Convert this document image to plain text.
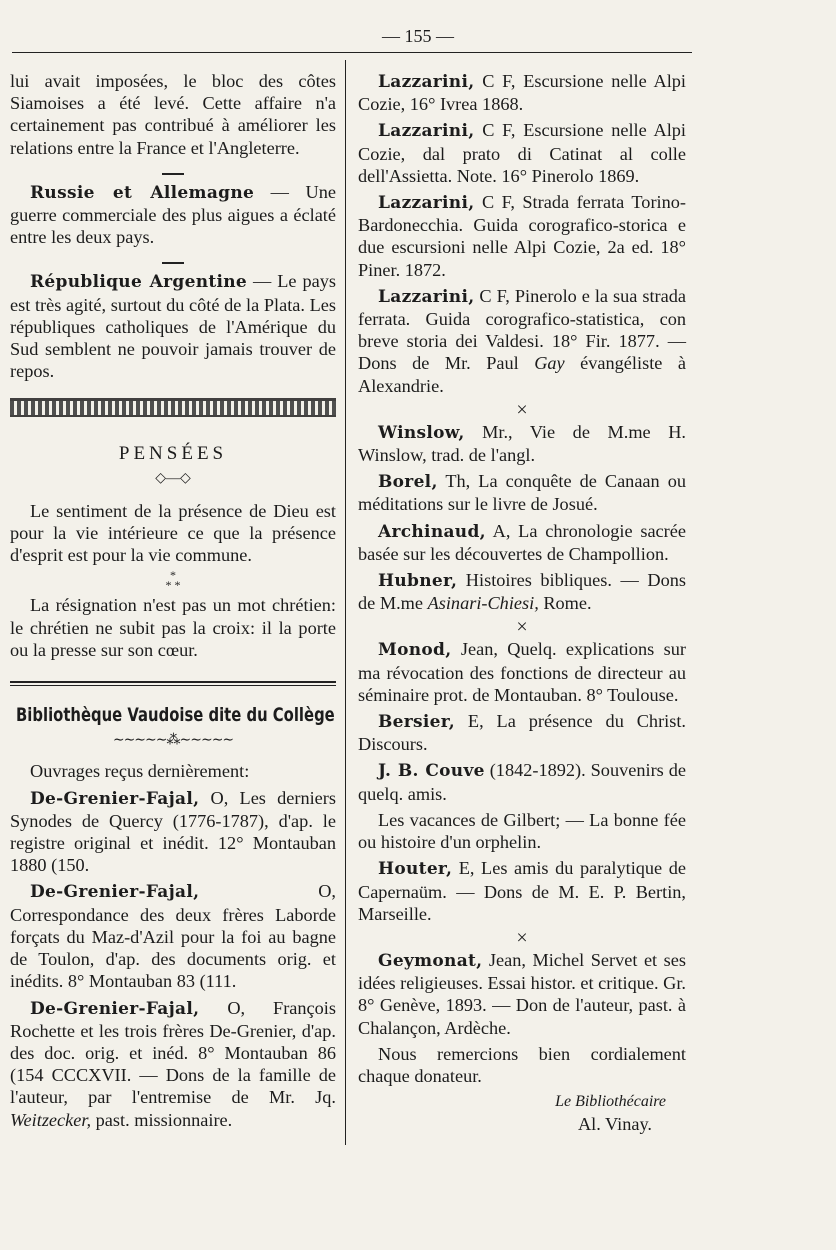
— 155 —

lui avait imposées, le bloc des côtes Siamoises a été levé. Cette affaire n'a certainement pas contribué à améliorer les relations entre la France et l'Angleterre.

Russie et Allemagne — Une guerre commerciale des plus aigues a éclaté entre les deux pays.

République Argentine — Le pays est très agité, surtout du côté de la Plata. Les républiques catholiques de l'Amérique du Sud semblent ne pouvoir jamais trouver de repos.

PENSÉES
◇—◇

Le sentiment de la présence de Dieu est pour la vie intérieure ce que la présence d'esprit est pour la vie commune.

*
* *

La résignation n'est pas un mot chrétien: le chrétien ne subit pas la croix: il la porte ou la presse sur son cœur.

Bibliothèque Vaudoise dite du Collège
∼∼∼∼∼⁂∼∼∼∼∼

Ouvrages reçus dernièrement:

De-Grenier-Fajal, O, Les derniers Synodes de Quercy (1776-1787), d'ap. le registre original et inédit. 12° Montauban 1880 (150.

De-Grenier-Fajal, O, Correspondance des deux frères Laborde forçats du Maz-d'Azil pour la foi au bagne de Toulon, d'ap. des documents orig. et inédits. 8° Montauban 83 (111.

De-Grenier-Fajal, O, François Rochette et les trois frères De-Grenier, d'ap. des doc. orig. et inéd. 8° Montauban 86 (154 CCCXVII. — Dons de la famille de l'auteur, par l'entremise de Mr. Jq. Weitzecker, past. missionnaire.

Lazzarini, C F, Escursione nelle Alpi Cozie, 16° Ivrea 1868.

Lazzarini, C F, Escursione nelle Alpi Cozie, dal prato di Catinat al colle dell'Assietta. Note. 16° Pinerolo 1869.

Lazzarini, C F, Strada ferrata Torino-Bardonecchia. Guida corografico-storica e due escursioni nelle Alpi Cozie, 2a ed. 18° Piner. 1872.

Lazzarini, C F, Pinerolo e la sua strada ferrata. Guida corografico-statistica, con breve storia dei Valdesi. 18° Fir. 1877. — Dons de Mr. Paul Gay évangéliste à Alexandrie.

×

Winslow, Mr., Vie de M.me H. Winslow, trad. de l'angl.

Borel, Th, La conquête de Canaan ou méditations sur le livre de Josué.

Archinaud, A, La chronologie sacrée basée sur les découvertes de Champollion.

Hubner, Histoires bibliques. — Dons de M.me Asinari-Chiesi, Rome.

×

Monod, Jean, Quelq. explications sur ma révocation des fonctions de directeur au séminaire prot. de Montauban. 8° Toulouse.

Bersier, E, La présence du Christ. Discours.

J. B. Couve (1842-1892). Souvenirs de quelq. amis.

Les vacances de Gilbert; — La bonne fée ou histoire d'un orphelin.

Houter, E, Les amis du paralytique de Capernaüm. — Dons de M. E. P. Bertin, Marseille.

×

Geymonat, Jean, Michel Servet et ses idées religieuses. Essai histor. et critique. Gr. 8° Genève, 1893. — Don de l'auteur, past. à Chalançon, Ardèche.

Nous remercions bien cordialement chaque donateur.

Le Bibliothécaire
Al. Vinay.
